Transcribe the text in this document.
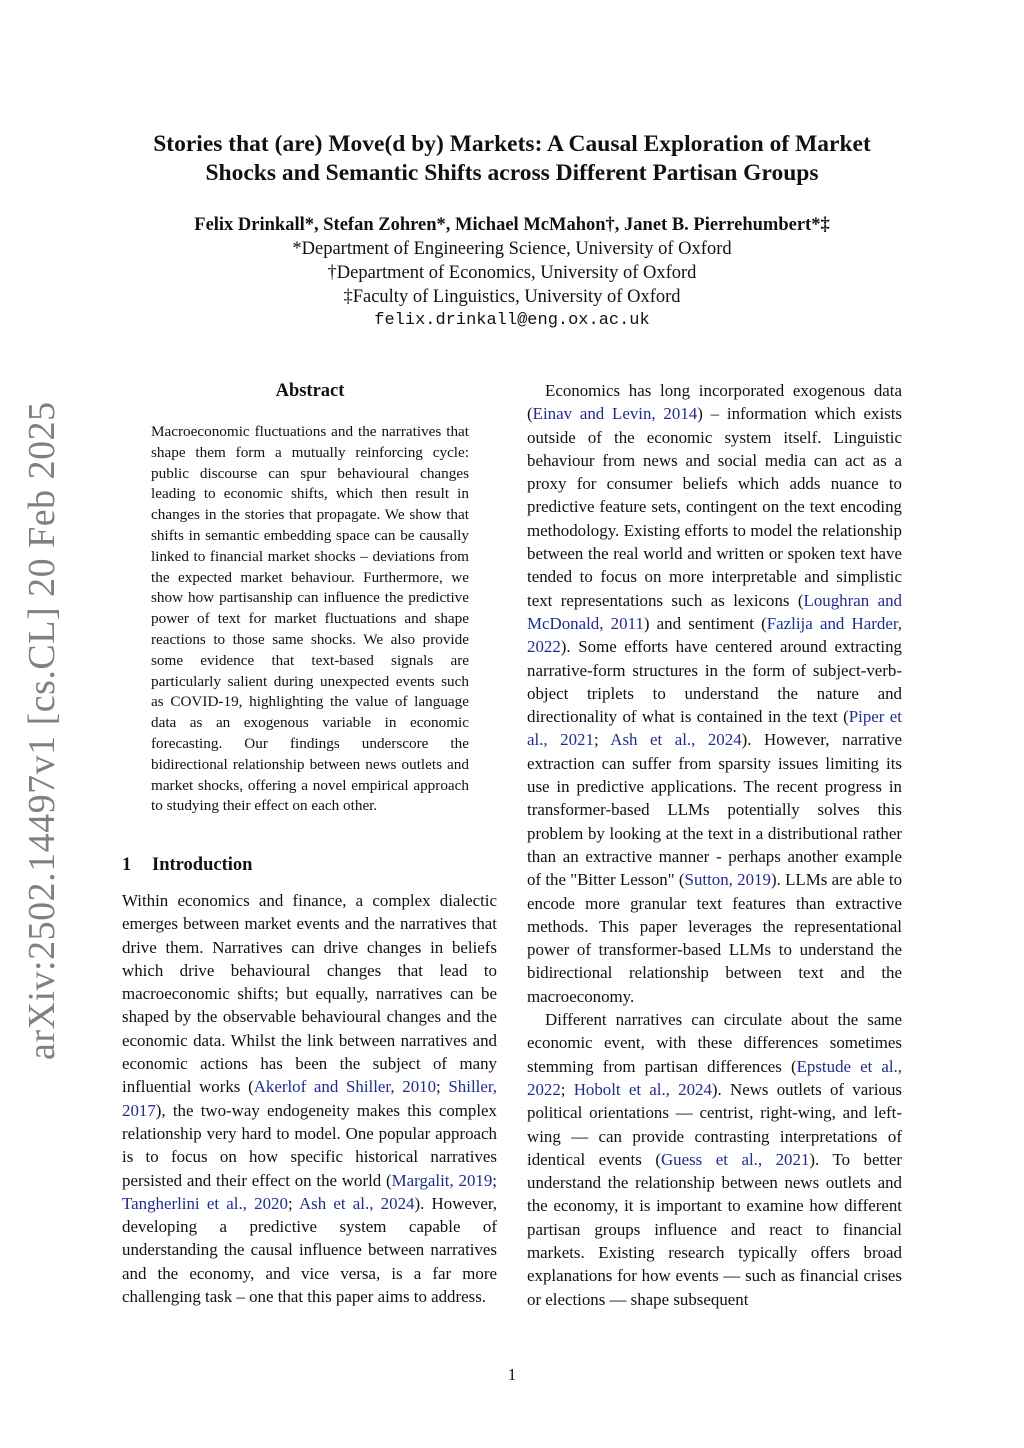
Stories that (are) Move(d by) Markets: A Causal Exploration of Market
Shocks and Semantic Shifts across Different Partisan Groups
Felix Drinkall*, Stefan Zohren*, Michael McMahon†, Janet B. Pierrehumbert*‡
*Department of Engineering Science, University of Oxford
†Department of Economics, University of Oxford
‡Faculty of Linguistics, University of Oxford
felix.drinkall@eng.ox.ac.uk
arXiv:2502.14497v1 [cs.CL] 20 Feb 2025
Abstract
Macroeconomic fluctuations and the narratives that shape them form a mutually reinforcing cycle: public discourse can spur behavioural changes leading to economic shifts, which then result in changes in the stories that propagate. We show that shifts in semantic embedding space can be causally linked to financial market shocks – deviations from the expected market behaviour. Furthermore, we show how partisanship can influence the predictive power of text for market fluctuations and shape reactions to those same shocks. We also provide some evidence that text-based signals are particularly salient during unexpected events such as COVID-19, highlighting the value of language data as an exogenous variable in economic forecasting. Our findings underscore the bidirectional relationship between news outlets and market shocks, offering a novel empirical approach to studying their effect on each other.
1 Introduction

Within economics and finance, a complex dialectic emerges between market events and the narratives that drive them. Narratives can drive changes in beliefs which drive behavioural changes that lead to macroeconomic shifts; but equally, narratives can be shaped by the observable behavioural changes and the economic data. Whilst the link between narratives and economic actions has been the subject of many influential works (Akerlof and Shiller, 2010; Shiller, 2017), the two-way endogeneity makes this complex relationship very hard to model. One popular approach is to focus on how specific historical narratives persisted and their effect on the world (Margalit, 2019; Tangherlini et al., 2020; Ash et al., 2024). However, developing a predictive system capable of understanding the causal influence between narratives and the economy, and vice versa, is a far more challenging task – one that this paper aims to address.

Economics has long incorporated exogenous data (Einav and Levin, 2014) – information which exists outside of the economic system itself. Linguistic behaviour from news and social media can act as a proxy for consumer beliefs which adds nuance to predictive feature sets, contingent on the text encoding methodology. Existing efforts to model the relationship between the real world and written or spoken text have tended to focus on more interpretable and simplistic text representations such as lexicons (Loughran and McDonald, 2011) and sentiment (Fazlija and Harder, 2022). Some efforts have centered around extracting narrative-form structures in the form of subject-verb-object triplets to understand the nature and directionality of what is contained in the text (Piper et al., 2021; Ash et al., 2024). However, narrative extraction can suffer from sparsity issues limiting its use in predictive applications. The recent progress in transformer-based LLMs potentially solves this problem by looking at the text in a distributional rather than an extractive manner - perhaps another example of the "Bitter Lesson" (Sutton, 2019). LLMs are able to encode more granular text features than extractive methods. This paper leverages the representational power of transformer-based LLMs to understand the bidirectional relationship between text and the macroeconomy.

Different narratives can circulate about the same economic event, with these differences sometimes stemming from partisan differences (Epstude et al., 2022; Hobolt et al., 2024). News outlets of various political orientations — centrist, right-wing, and left-wing — can provide contrasting interpretations of identical events (Guess et al., 2021). To better understand the relationship between news outlets and the economy, it is important to examine how different partisan groups influence and react to financial markets. Existing research typically offers broad explanations for how events — such as financial crises or elections — shape subsequent

1
